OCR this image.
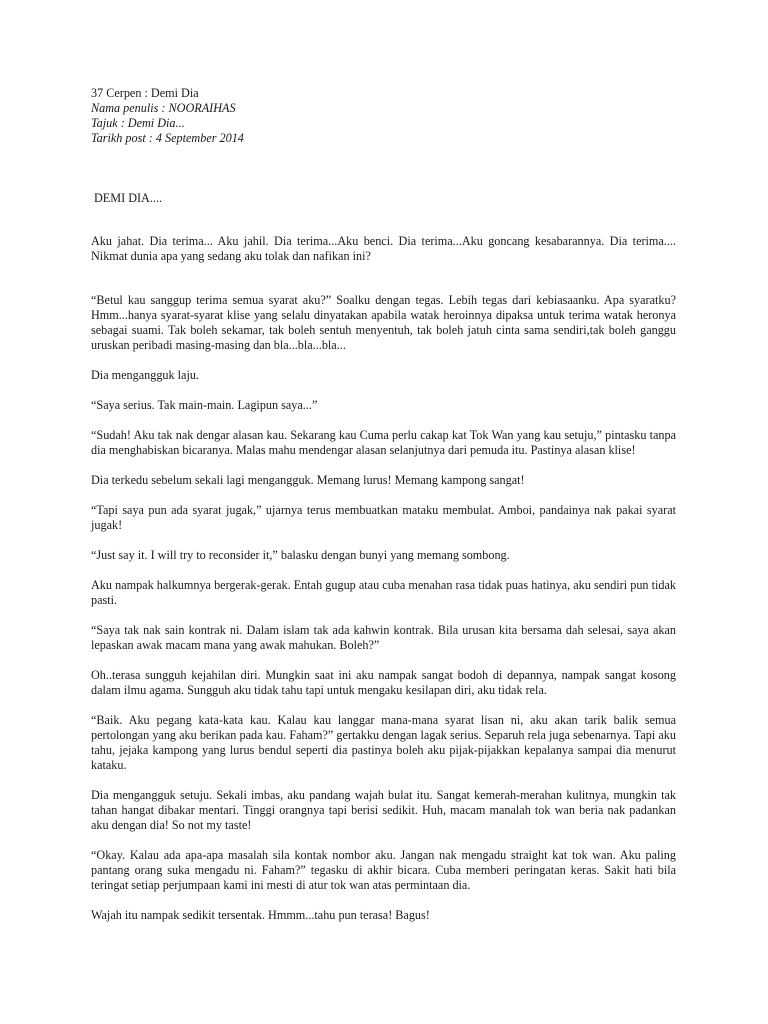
37 Cerpen : Demi Dia
Nama penulis : NOORAIHAS
Tajuk : Demi Dia...
Tarikh post : 4 September 2014
DEMI DIA....

Aku jahat. Dia terima... Aku jahil. Dia terima...Aku benci. Dia terima...Aku goncang kesabarannya. Dia terima.... Nikmat dunia apa yang sedang aku tolak dan nafikan ini?

“Betul kau sanggup terima semua syarat aku?” Soalku dengan tegas. Lebih tegas dari kebiasaanku. Apa syaratku? Hmm...hanya syarat-syarat klise yang selalu dinyatakan apabila watak heroinnya dipaksa untuk terima watak heronya sebagai suami. Tak boleh sekamar, tak boleh sentuh menyentuh, tak boleh jatuh cinta sama sendiri,tak boleh ganggu uruskan peribadi masing-masing dan bla...bla...bla...

Dia mengangguk laju.

“Saya serius. Tak main-main. Lagipun saya...”

“Sudah! Aku tak nak dengar alasan kau. Sekarang kau Cuma perlu cakap kat Tok Wan yang kau setuju,” pintasku tanpa dia menghabiskan bicaranya. Malas mahu mendengar alasan selanjutnya dari pemuda itu. Pastinya alasan klise!

Dia terkedu sebelum sekali lagi mengangguk. Memang lurus! Memang kampong sangat!

“Tapi saya pun ada syarat jugak,” ujarnya terus membuatkan mataku membulat. Amboi, pandainya nak pakai syarat jugak!

“Just say it. I will try to reconsider it,” balasku dengan bunyi yang memang sombong.

Aku nampak halkumnya bergerak-gerak. Entah gugup atau cuba menahan rasa tidak puas hatinya, aku sendiri pun tidak pasti.

“Saya tak nak sain kontrak ni. Dalam islam tak ada kahwin kontrak. Bila urusan kita bersama dah selesai, saya akan lepaskan awak macam mana yang awak mahukan. Boleh?”

Oh..terasa sungguh kejahilan diri. Mungkin saat ini aku nampak sangat bodoh di depannya, nampak sangat kosong dalam ilmu agama. Sungguh aku tidak tahu tapi untuk mengaku kesilapan diri, aku tidak rela.

“Baik. Aku pegang kata-kata kau. Kalau kau langgar mana-mana syarat lisan ni, aku akan tarik balik semua pertolongan yang aku berikan pada kau. Faham?” gertakku dengan lagak serius. Separuh rela juga sebenarnya. Tapi aku tahu, jejaka kampong yang lurus bendul seperti dia pastinya boleh aku pijak-pijakkan kepalanya sampai dia menurut kataku.

Dia mengangguk setuju. Sekali imbas, aku pandang wajah bulat itu. Sangat kemerah-merahan kulitnya, mungkin tak tahan hangat dibakar mentari. Tinggi orangnya tapi berisi sedikit. Huh, macam manalah tok wan beria nak padankan aku dengan dia! So not my taste!

“Okay. Kalau ada apa-apa masalah sila kontak nombor aku. Jangan nak mengadu straight kat tok wan. Aku paling pantang orang suka mengadu ni. Faham?” tegasku di akhir bicara. Cuba memberi peringatan keras. Sakit hati bila teringat setiap perjumpaan kami ini mesti di atur tok wan atas permintaan dia.

Wajah itu nampak sedikit tersentak. Hmmm...tahu pun terasa! Bagus!
